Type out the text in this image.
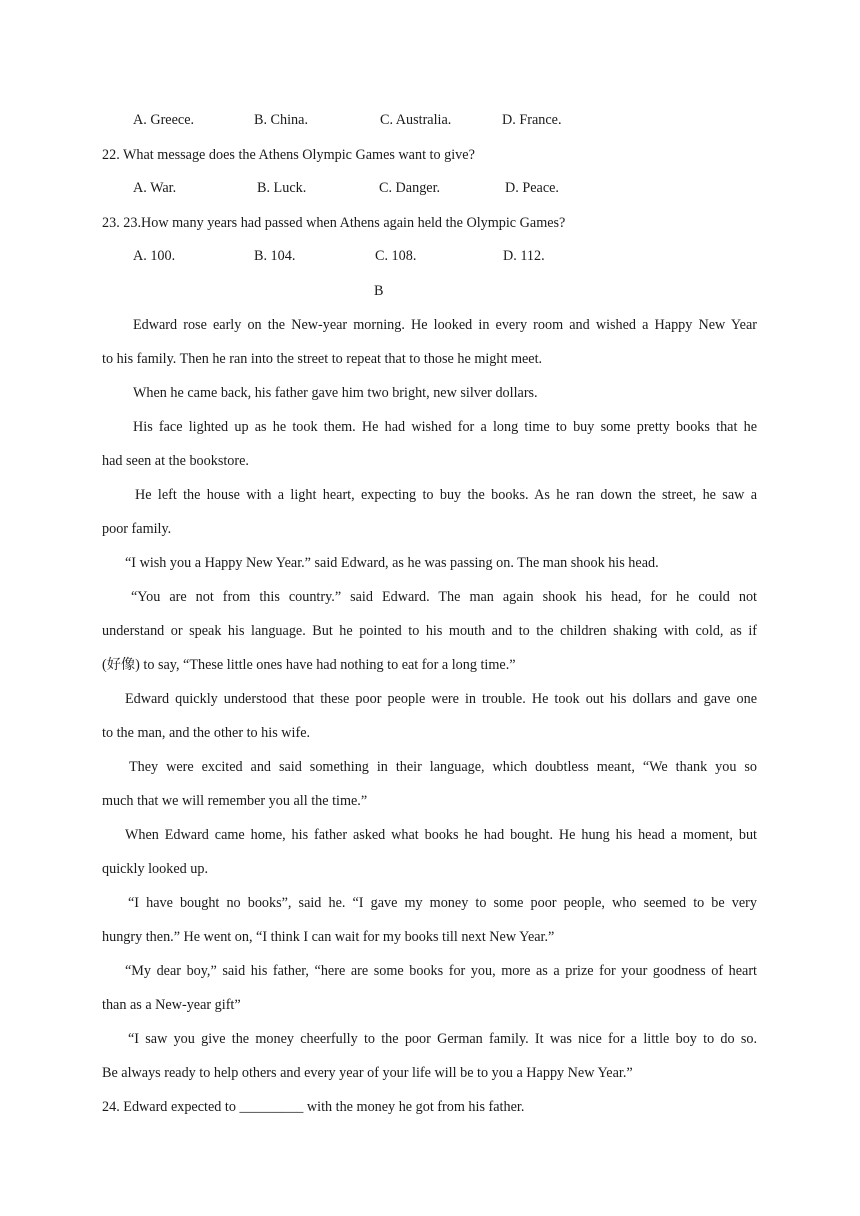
A. Greece.	B. China.	C. Australia.	D. France.
22. What message does the Athens Olympic Games want to give?
A. War.	B. Luck.	C. Danger.	D. Peace.
23. 23.How many years had passed when Athens again held the Olympic Games?
A. 100.	B. 104.	C. 108.	D. 112.
B
Edward rose early on the New-year morning. He looked in every room and wished a Happy New Year
to his family. Then he ran into the street to repeat that to those he might meet.
When he came back, his father gave him two bright, new silver dollars.
His face lighted up as he took them. He had wished for a long time to buy some pretty books that he
had seen at the bookstore.
He left the house with a light heart, expecting to buy the books. As he ran down the street, he saw a
poor family.
“I wish you a Happy New Year.” said Edward, as he was passing on. The man shook his head.
“You are not from this country.” said Edward. The man again shook his head, for he could not
understand or speak his language. But he pointed to his mouth and to the children shaking with cold, as if
(好像) to say, “These little ones have had nothing to eat for a long time.”
Edward quickly understood that these poor people were in trouble. He took out his dollars and gave one
to the man, and the other to his wife.
They were excited and said something in their language, which doubtless meant, “We thank you so
much that we will remember you all the time.”
When Edward came home, his father asked what books he had bought. He hung his head a moment, but
quickly looked up.
“I have bought no books”, said he. “I gave my money to some poor people, who seemed to be very
hungry then.” He went on, “I think I can wait for my books till next New Year.”
“My dear boy,” said his father, “here are some books for you, more as a prize for your goodness of heart
than as a New-year gift”
“I saw you give the money cheerfully to the poor German family. It was nice for a little boy to do so.
Be always ready to help others and every year of your life will be to you a Happy New Year.”
24. Edward expected to _________ with the money he got from his father.
